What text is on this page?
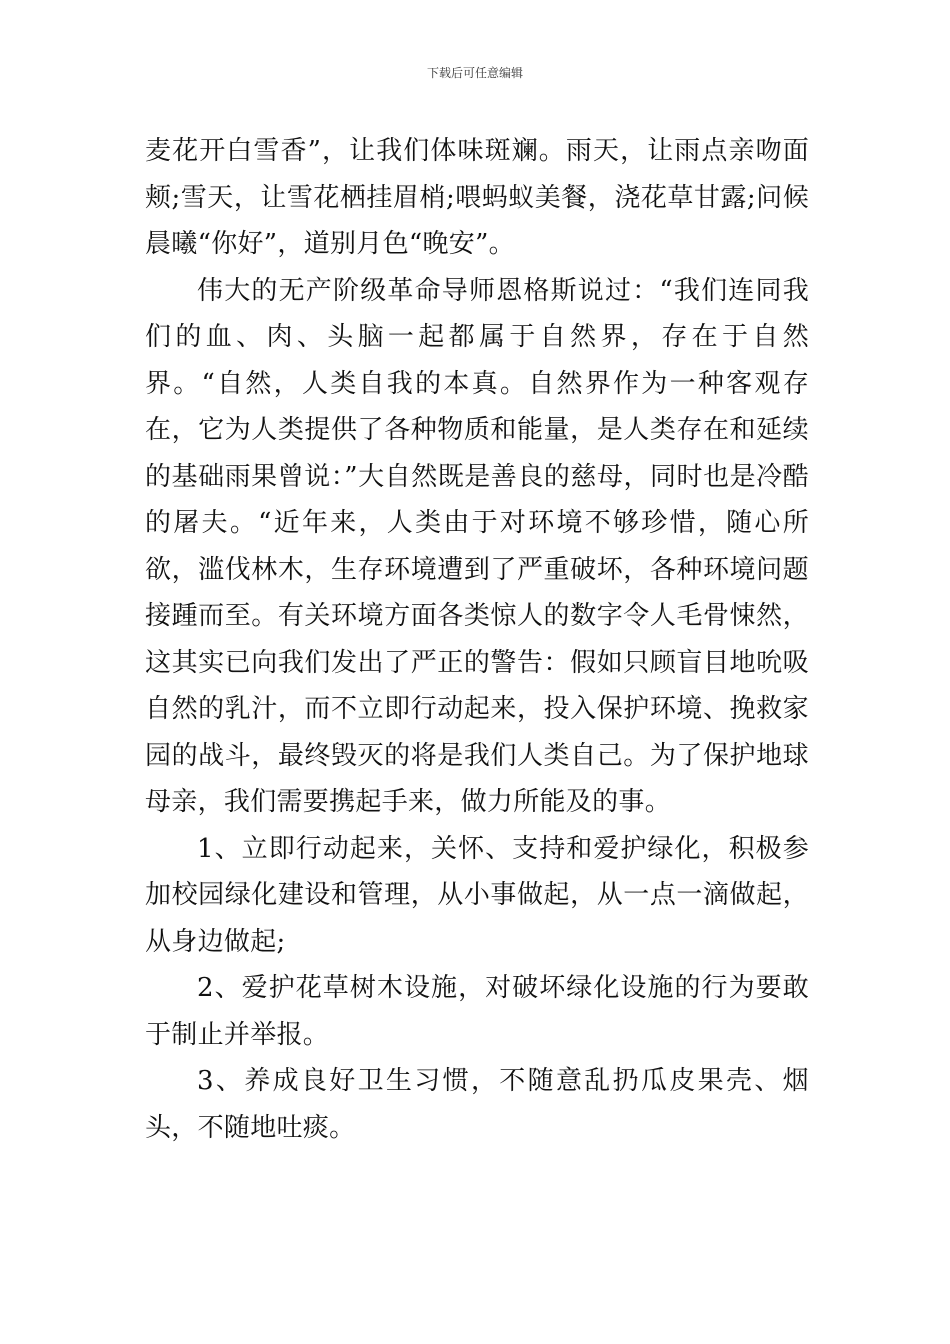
下载后可任意编辑

麦花开白雪香”，让我们体味斑斓。雨天，让雨点亲吻面颊;雪天，让雪花栖挂眉梢;喂蚂蚁美餐，浇花草甘露;问候晨曦“你好”，道别月色“晚安”。

伟大的无产阶级革命导师恩格斯说过：“我们连同我们的血、肉、头脑一起都属于自然界，存在于自然界。“自然，人类自我的本真。自然界作为一种客观存在，它为人类提供了各种物质和能量，是人类存在和延续的基础雨果曾说：”大自然既是善良的慈母，同时也是冷酷的屠夫。“近年来，人类由于对环境不够珍惜，随心所欲，滥伐林木，生存环境遭到了严重破坏，各种环境问题接踵而至。有关环境方面各类惊人的数字令人毛骨悚然，这其实已向我们发出了严正的警告：假如只顾盲目地吮吸自然的乳汁，而不立即行动起来，投入保护环境、挽救家园的战斗，最终毁灭的将是我们人类自己。为了保护地球母亲，我们需要携起手来，做力所能及的事。

1、立即行动起来，关怀、支持和爱护绿化，积极参加校园绿化建设和管理，从小事做起，从一点一滴做起，从身边做起;

2、爱护花草树木设施，对破坏绿化设施的行为要敢于制止并举报。

3、养成良好卫生习惯，不随意乱扔瓜皮果壳、烟头，不随地吐痰。
